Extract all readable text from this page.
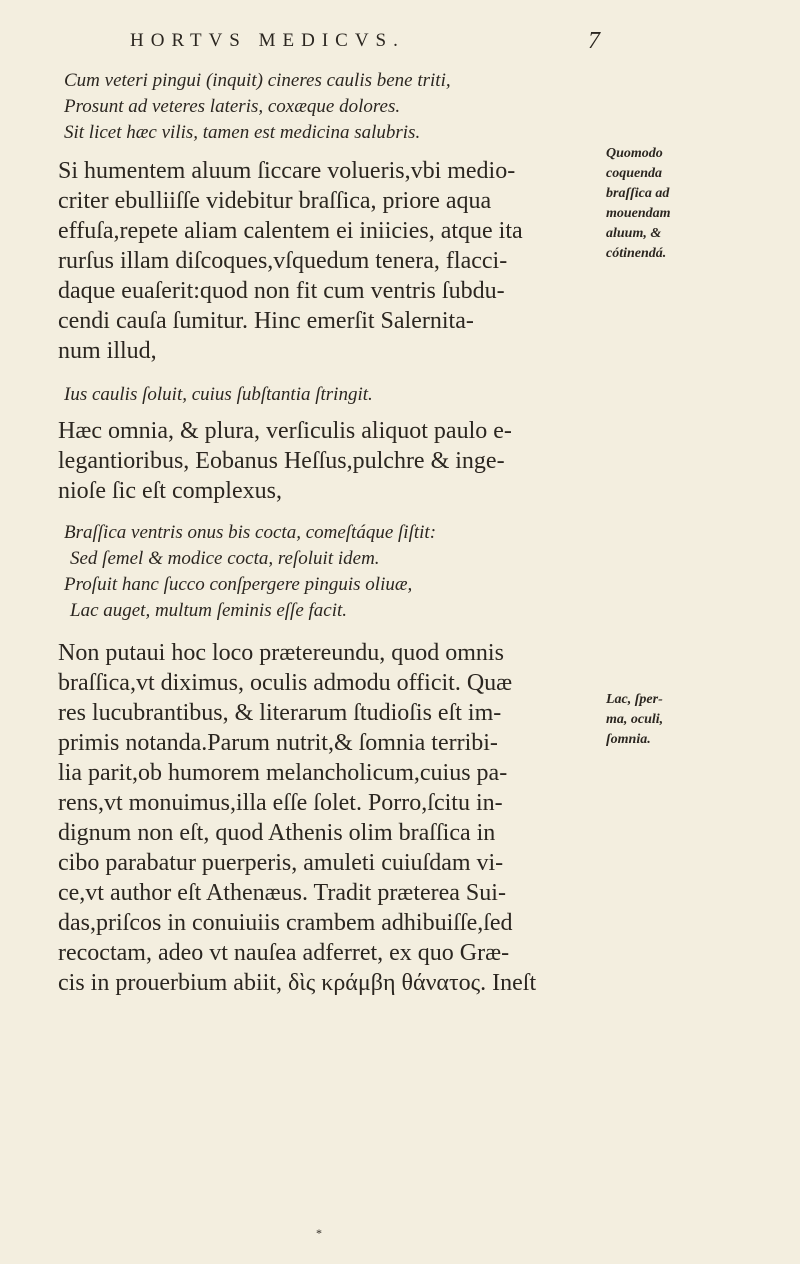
HORTVS MEDICVS.	7
Cum veteri pingui (inquit) cineres caulis bene triti,
Prosunt ad veteres lateris, coxæque dolores.
Sit licet hæc vilis, tamen est medicina salubris.
Si humentem aluum ſiccare volueris,vbi medio-
criter ebulliiſſe videbitur braſſica, priore aqua
effuſa,repete aliam calentem ei iniicies, atque ita
rurſus illam diſcoques,vſquedum tenera, flacci-
daque euaſerit:quod non fit cum ventris ſubdu-
cendi cauſa ſumitur. Hinc emerſit Salernita-
num illud,
Ius caulis ſoluit, cuius ſubſtantia ſtringit.
Hæc omnia, & plura, verſiculis aliquot paulo e-
legantioribus, Eobanus Heſſus,pulchre & inge-
nioſe ſic eſt complexus,
Braſſica ventris onus bis cocta, comeſtáque ſiſtit:
Sed ſemel & modice cocta, reſoluit idem.
Proſuit hanc ſucco conſpergere pinguis oliuæ,
Lac auget, multum ſeminis eſſe facit.
Non putaui hoc loco prætereundu, quod omnis
braſſica,vt diximus, oculis admodu officit. Quæ
res lucubrantibus, & literarum ſtudioſis eſt im-
primis notanda.Parum nutrit,& ſomnia terribi-
lia parit,ob humorem melancholicum,cuius pa-
rens,vt monuimus,illa eſſe ſolet. Porro,ſcitu in-
dignum non eſt, quod Athenis olim braſſica in
cibo parabatur puerperis, amuleti cuiuſdam vi-
ce,vt author eſt Athenæus. Tradit præterea Sui-
das,priſcos in conuiuiis crambem adhibuiſſe,ſed
recoctam, adeo vt nauſea adferret, ex quo Græ-
cis in prouerbium abiit, δὶς κράμβη θάνατος. Ineſt
Quomodo
coquenda
braſſica ad
mouendam
aluum, &
cótinendá.
Lac, ſper-
ma, oculi,
ſomnia.
*
